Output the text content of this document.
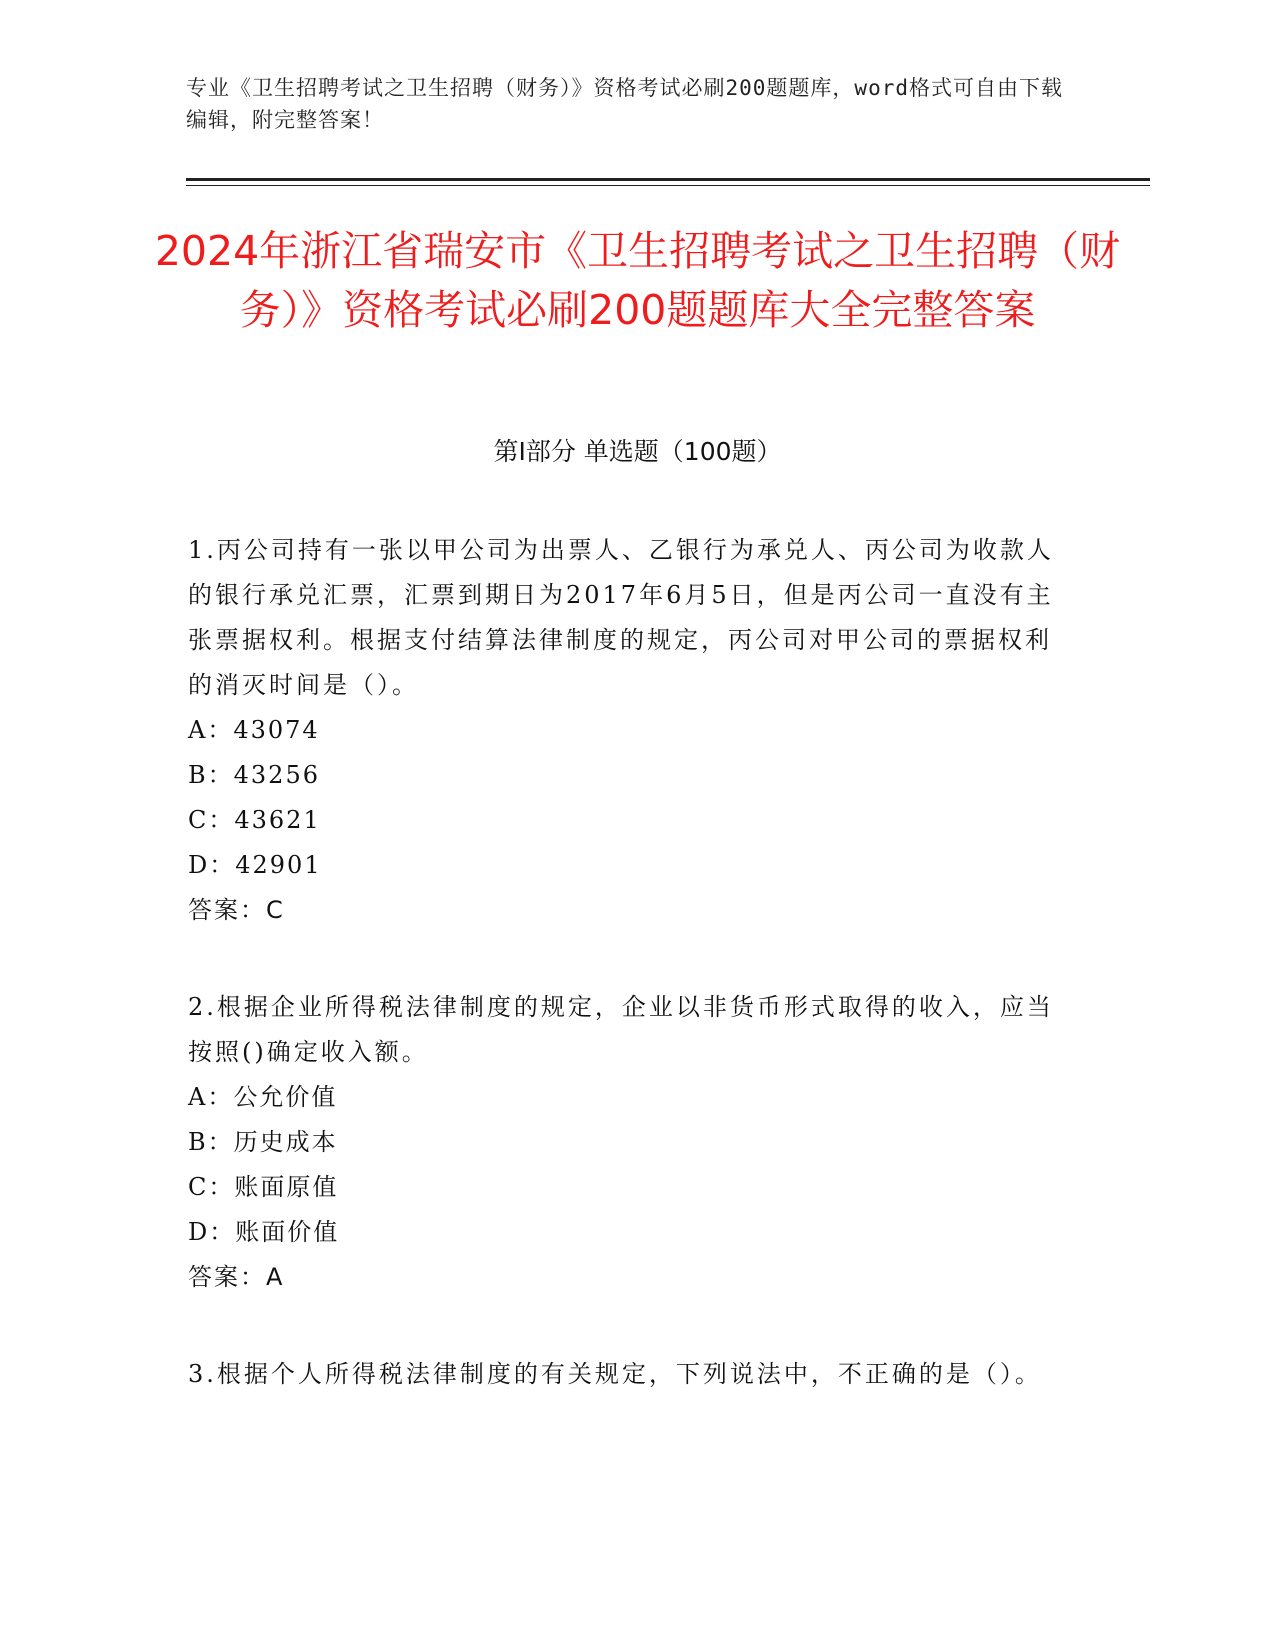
专业《卫生招聘考试之卫生招聘（财务）》资格考试必刷200题题库，word格式可自由下载编辑，附完整答案！
2024年浙江省瑞安市《卫生招聘考试之卫生招聘（财务）》资格考试必刷200题题库大全完整答案
第I部分 单选题（100题）

1.丙公司持有一张以甲公司为出票人、乙银行为承兑人、丙公司为收款人的银行承兑汇票，汇票到期日为2017年6月5日，但是丙公司一直没有主张票据权利。根据支付结算法律制度的规定，丙公司对甲公司的票据权利的消灭时间是（）。

A：43074

B：43256

C：43621

D：42901

答案：C

2.根据企业所得税法律制度的规定，企业以非货币形式取得的收入，应当按照()确定收入额。

A：公允价值

B：历史成本

C：账面原值

D：账面价值

答案：A

3.根据个人所得税法律制度的有关规定，下列说法中，不正确的是（）。
